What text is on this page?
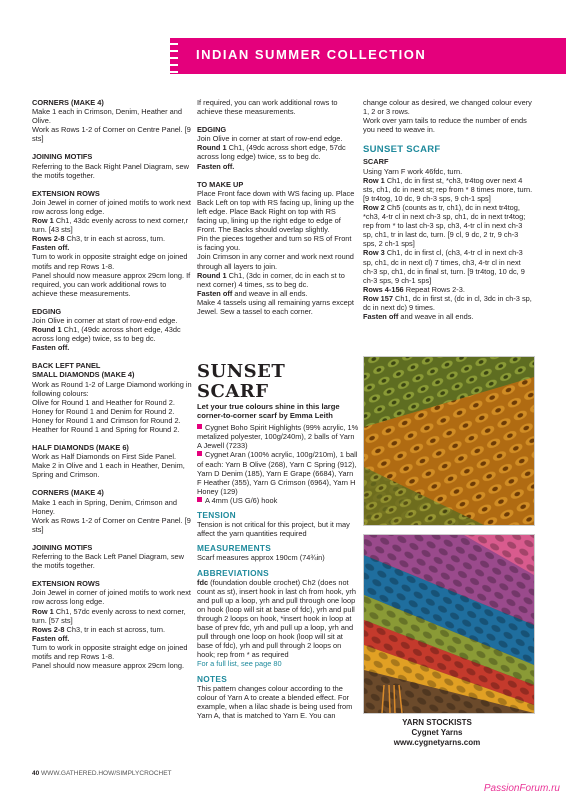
INDIAN SUMMER COLLECTION
CORNERS (MAKE 4)
Make 1 each in Crimson, Denim, Heather and Olive.
Work as Rows 1-2 of Corner on Centre Panel. [9 sts]
JOINING MOTIFS
Referring to the Back Right Panel Diagram, sew the motifs together.
EXTENSION ROWS
Join Jewel in corner of joined motifs to work next row across long edge.
Row 1 Ch1, 43dc evenly across to next corner,r turn. [43 sts]
Rows 2-8 Ch3, tr in each st across, turn.
Fasten off.
Turn to work in opposite straight edge on joined motifs and rep Rows 1-8.
Panel should now measure approx 29cm long. If required, you can work additional rows to achieve these measurements.
EDGING
Join Olive in corner at start of row-end edge.
Round 1 Ch1, (49dc across short edge, 43dc across long edge) twice, ss to beg dc.
Fasten off.
BACK LEFT PANEL
SMALL DIAMONDS (MAKE 4)
Work as Round 1-2 of Large Diamond working in following colours:
Olive for Round 1 and Heather for Round 2.
Honey for Round 1 and Denim for Round 2.
Honey for Round 1 and Crimson for Round 2.
Heather for Round 1 and Spring for Round 2.
HALF DIAMONDS (MAKE 6)
Work as Half Diamonds on First Side Panel.
Make 2 in Olive and 1 each in Heather, Denim, Spring and Crimson.
CORNERS (MAKE 4)
Make 1 each in Spring, Denim, Crimson and Honey.
Work as Rows 1-2 of Corner on Centre Panel. [9 sts]
JOINING MOTIFS
Referring to the Back Left Panel Diagram, sew the motifs together.
EXTENSION ROWS
Join Jewel in corner of joined motifs to work next row across long edge.
Row 1 Ch1, 57dc evenly across to next corner, turn. [57 sts]
Rows 2-8 Ch3, tr in each st across, turn.
Fasten off.
Turn to work in opposite straight edge on joined motifs and rep Rows 1-8.
Panel should now measure approx 29cm long.
If required, you can work additional rows to achieve these measurements.
EDGING
Join Olive in corner at start of row-end edge.
Round 1 Ch1, (49dc across short edge, 57dc across long edge) twice, ss to beg dc.
Fasten off.
TO MAKE UP
Place Front face down with WS facing up. Place Back Left on top with RS facing up, lining up the left edge. Place Back Right on top with RS facing up, lining up the right edge to edge of Front. The Backs should overlap slightly.
Pin the pieces together and turn so RS of Front is facing you.
Join Crimson in any corner and work next round through all layers to join.
Round 1 Ch1, (3dc in corner, dc in each st to next corner) 4 times, ss to beg dc.
Fasten off and weave in all ends.
Make 4 tassels using all remaining yarns except Jewel. Sew a tassel to each corner.
SUNSET SCARF
Let your true colours shine in this large corner-to-corner scarf by Emma Leith
Cygnet Boho Spirit Highlights (99% acrylic, 1% metalized polyester, 100g/240m), 2 balls of Yarn A Jewell (7233)
Cygnet Aran (100% acrylic, 100g/210m), 1 ball of each: Yarn B Olive (268), Yarn C Spring (912), Yarn D Denim (185), Yarn E Grape (6684), Yarn F Heather (355), Yarn G Crimson (6964), Yarn H Honey (129)
A 4mm (US G/6) hook
TENSION
Tension is not critical for this project, but it may affect the yarn quantities required
MEASUREMENTS
Scarf measures approx 190cm (74¾in)
ABBREVIATIONS
fdc (foundation double crochet) Ch2 (does not count as st), insert hook in last ch from hook, yrh and pull up a loop, yrh and pull through one loop on hook (loop will sit at base of fdc), yrh and pull through 2 loops on hook, *insert hook in loop at base of prev fdc, yrh and pull up a loop, yrh and pull through one loop on hook (loop will sit at base of fdc), yrh and pull through 2 loops on hook; rep from * as required
For a full list, see page 80
NOTES
This pattern changes colour according to the colour of Yarn A to create a blended effect. For example, when a lilac shade is being used from Yarn A, that is matched to Yarn E. You can
change colour as desired, we changed colour every 1, 2 or 3 rows.
Work over yarn tails to reduce the number of ends you need to weave in.
SUNSET SCARF
SCARF
Using Yarn F work 46fdc, turn.
Row 1 Ch1, dc in first st, *ch3, tr4tog over next 4 sts, ch1, dc in next st; rep from * 8 times more, turn. [9 tr4tog, 10 dc, 9 ch-3 sps, 9 ch-1 sps]
Row 2 Ch5 (counts as tr, ch1), dc in next tr4tog, *ch3, 4-tr cl in next ch-3 sp, ch1, dc in next tr4tog; rep from * to last ch-3 sp, ch3, 4-tr cl in next ch-3 sp, ch1, tr in last dc, turn. [9 cl, 9 dc, 2 tr, 9 ch-3 sps, 2 ch-1 sps]
Row 3 Ch1, dc in first cl, (ch3, 4-tr cl in next ch-3 sp, ch1, dc in next cl) 7 times, ch3, 4-tr cl in next ch-3 sp, ch1, dc in final st, turn. [9 tr4tog, 10 dc, 9 ch-3 sps, 9 ch-1 sps]
Rows 4-156 Repeat Rows 2-3.
Row 157 Ch1, dc in first st, (dc in cl, 3dc in ch-3 sp, dc in next dc) 9 times.
Fasten off and weave in all ends.
YARN STOCKISTS
Cygnet Yarns
www.cygnetyarns.com
40 WWW.GATHERED.HOW/SIMPLYCROCHET
PassionForum.ru
